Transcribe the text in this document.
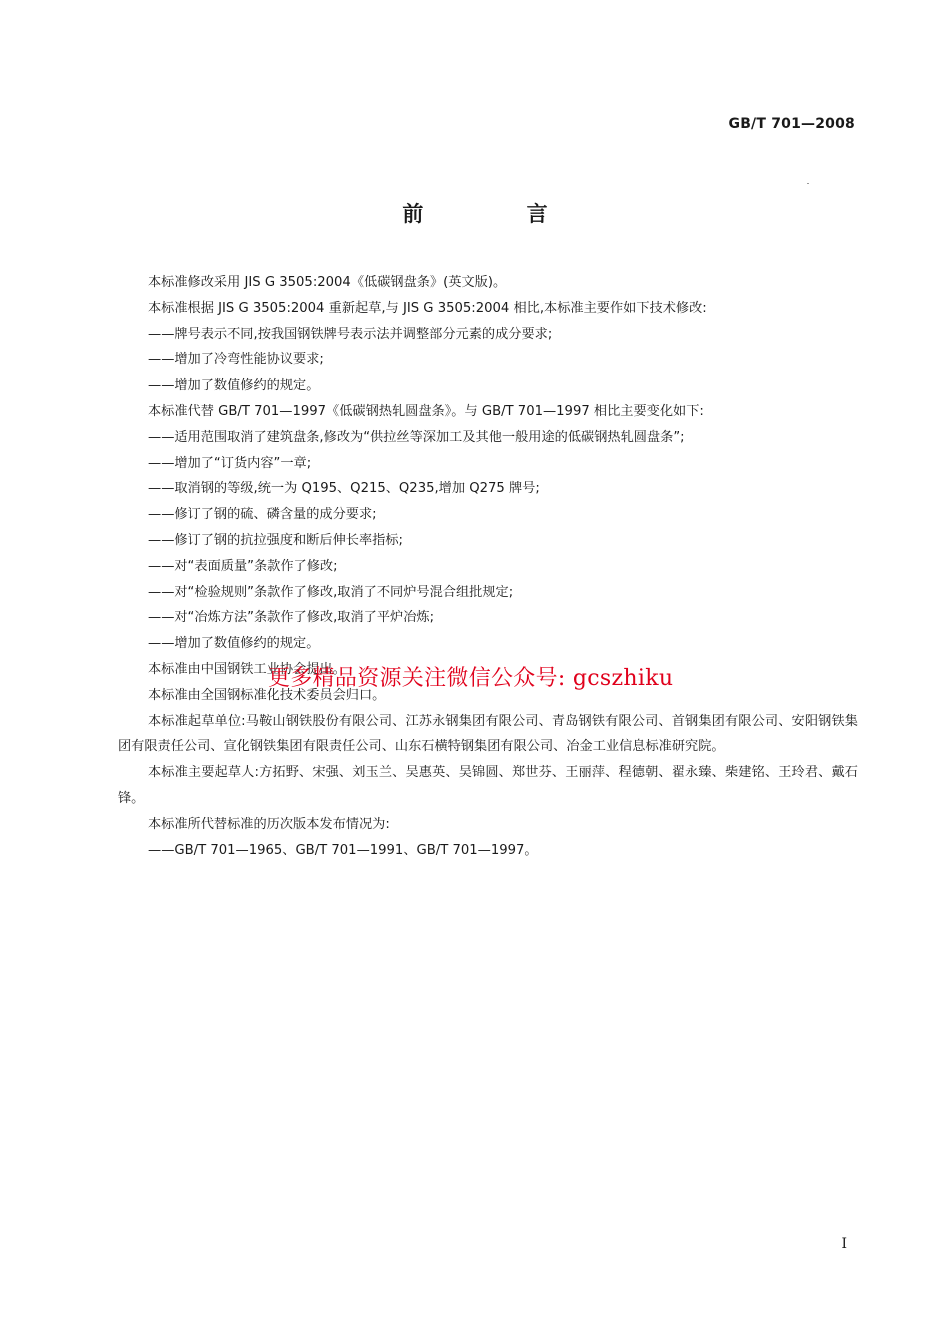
GB/T 701—2008
前 言

本标准修改采用 JIS G 3505:2004《低碳钢盘条》(英文版)。

本标准根据 JIS G 3505:2004 重新起草,与 JIS G 3505:2004 相比,本标准主要作如下技术修改:

——牌号表示不同,按我国钢铁牌号表示法并调整部分元素的成分要求;

——增加了冷弯性能协议要求;

——增加了数值修约的规定。

本标准代替 GB/T 701—1997《低碳钢热轧圆盘条》。与 GB/T 701—1997 相比主要变化如下:

——适用范围取消了建筑盘条,修改为“供拉丝等深加工及其他一般用途的低碳钢热轧圆盘条”;

——增加了“订货内容”一章;

——取消钢的等级,统一为 Q195、Q215、Q235,增加 Q275 牌号;

——修订了钢的硫、磷含量的成分要求;

——修订了钢的抗拉强度和断后伸长率指标;

——对“表面质量”条款作了修改;

——对“检验规则”条款作了修改,取消了不同炉号混合组批规定;

——对“冶炼方法”条款作了修改,取消了平炉冶炼;

——增加了数值修约的规定。

本标准由中国钢铁工业协会提出。

本标准由全国钢标准化技术委员会归口。

本标准起草单位:马鞍山钢铁股份有限公司、江苏永钢集团有限公司、青岛钢铁有限公司、首钢集团有限公司、安阳钢铁集团有限责任公司、宣化钢铁集团有限责任公司、山东石横特钢集团有限公司、冶金工业信息标准研究院。

本标准主要起草人:方拓野、宋强、刘玉兰、吴惠英、吴锦圆、郑世芬、王丽萍、程德朝、翟永臻、柴建铭、王玲君、戴石锋。

本标准所代替标准的历次版本发布情况为:

——GB/T 701—1965、GB/T 701—1991、GB/T 701—1997。

更多精品资源关注微信公众号: gcszhiku
I
